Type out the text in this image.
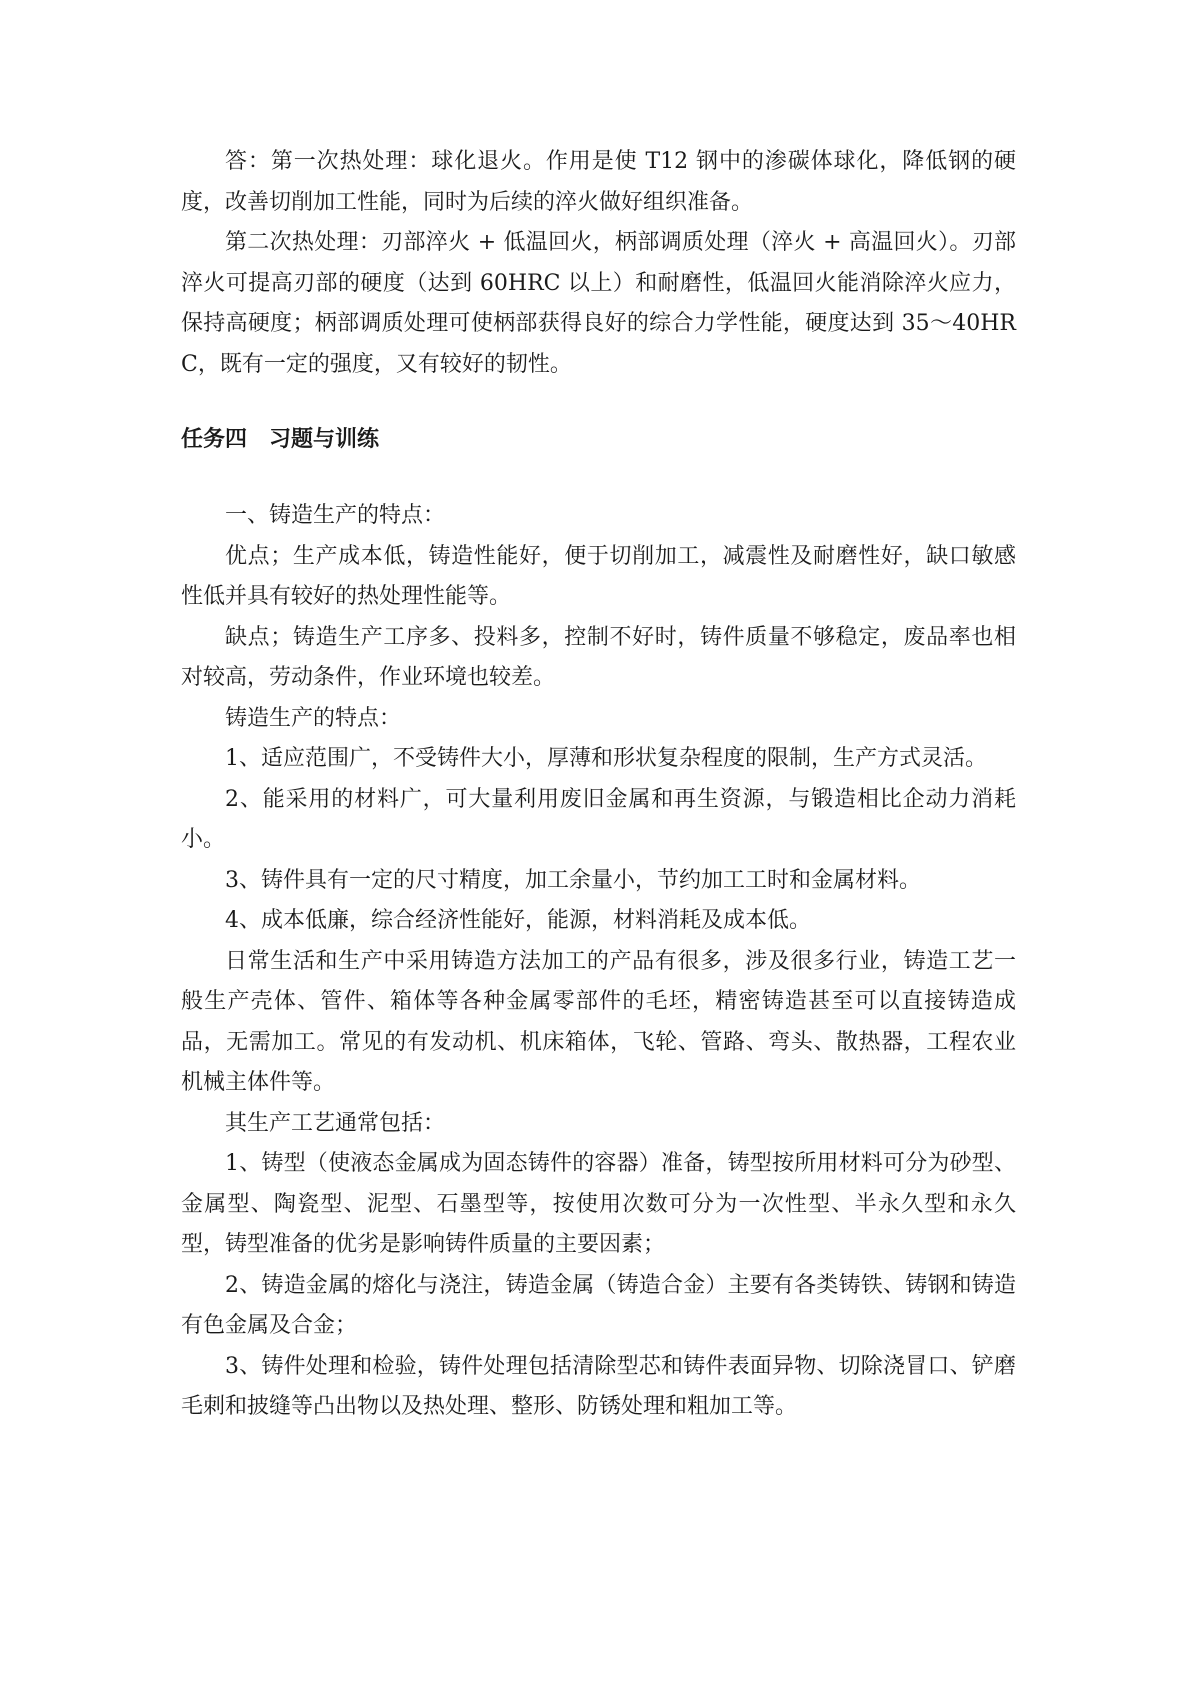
答：第一次热处理：球化退火。作用是使 T12 钢中的渗碳体球化，降低钢的硬度，改善切削加工性能，同时为后续的淬火做好组织准备。

第二次热处理：刃部淬火 + 低温回火，柄部调质处理（淬火 + 高温回火）。刃部淬火可提高刃部的硬度（达到 60HRC 以上）和耐磨性，低温回火能消除淬火应力，保持高硬度；柄部调质处理可使柄部获得良好的综合力学性能，硬度达到 35～40HRC，既有一定的强度，又有较好的韧性。

任务四　习题与训练

一、铸造生产的特点：

优点；生产成本低，铸造性能好，便于切削加工，减震性及耐磨性好，缺口敏感性低并具有较好的热处理性能等。

缺点；铸造生产工序多、投料多，控制不好时，铸件质量不够稳定，废品率也相对较高，劳动条件，作业环境也较差。

铸造生产的特点：

1、适应范围广，不受铸件大小，厚薄和形状复杂程度的限制，生产方式灵活。

2、能采用的材料广，可大量利用废旧金属和再生资源，与锻造相比企动力消耗小。

3、铸件具有一定的尺寸精度，加工余量小，节约加工工时和金属材料。

4、成本低廉，综合经济性能好，能源，材料消耗及成本低。

日常生活和生产中采用铸造方法加工的产品有很多，涉及很多行业，铸造工艺一般生产壳体、管件、箱体等各种金属零部件的毛坯，精密铸造甚至可以直接铸造成品，无需加工。常见的有发动机、机床箱体，飞轮、管路、弯头、散热器，工程农业机械主体件等。

其生产工艺通常包括：

1、铸型（使液态金属成为固态铸件的容器）准备，铸型按所用材料可分为砂型、金属型、陶瓷型、泥型、石墨型等，按使用次数可分为一次性型、半永久型和永久型，铸型准备的优劣是影响铸件质量的主要因素；

2、铸造金属的熔化与浇注，铸造金属（铸造合金）主要有各类铸铁、铸钢和铸造有色金属及合金；

3、铸件处理和检验，铸件处理包括清除型芯和铸件表面异物、切除浇冒口、铲磨毛刺和披缝等凸出物以及热处理、整形、防锈处理和粗加工等。
